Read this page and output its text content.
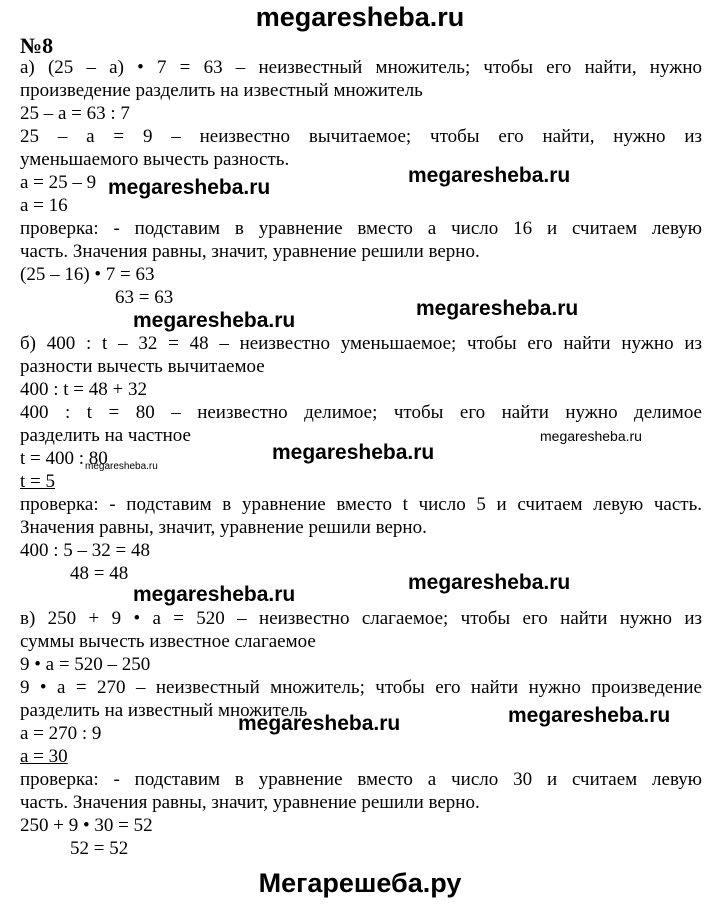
megaresheba.ru
№8
а) (25 – а) • 7 = 63 – неизвестный множитель; чтобы его найти, нужно
произведение разделить на известный множитель
25 – а = 63 : 7
25 – а = 9 – неизвестно вычитаемое; чтобы его найти, нужно из
уменьшаемого вычесть разность.
а = 25 – 9
а = 16
проверка: - подставим в уравнение вместо а число 16 и считаем левую
часть. Значения равны, значит, уравнение решили верно.
(25 – 16) • 7 = 63
63 = 63
б) 400 : t – 32 = 48 – неизвестно уменьшаемое; чтобы его найти нужно из
разности вычесть вычитаемое
400 : t = 48 + 32
400 : t = 80 – неизвестно делимое; чтобы его найти нужно делимое
разделить на частное
t = 400 : 80
t = 5
проверка: - подставим в уравнение вместо t число 5 и считаем левую часть.
Значения равны, значит, уравнение решили верно.
400 : 5 – 32 = 48
48 = 48
в) 250 + 9 • а = 520 – неизвестно слагаемое; чтобы его найти нужно из
суммы вычесть известное слагаемое
9 • а = 520 – 250
9 • а = 270 – неизвестный множитель; чтобы его найти нужно произведение
разделить на известный множитель
а = 270 : 9
а = 30
проверка: - подставим в уравнение вместо а число 30 и считаем левую
часть. Значения равны, значит, уравнение решили верно.
250 + 9 • 30 = 52
52 = 52
megaresheba.ru
megaresheba.ru
megaresheba.ru
megaresheba.ru
megaresheba.ru
megaresheba.ru
megaresheba.ru
megaresheba.ru
megaresheba.ru
megaresheba.ru	megaresheba.ru
Мегарешеба.ру
